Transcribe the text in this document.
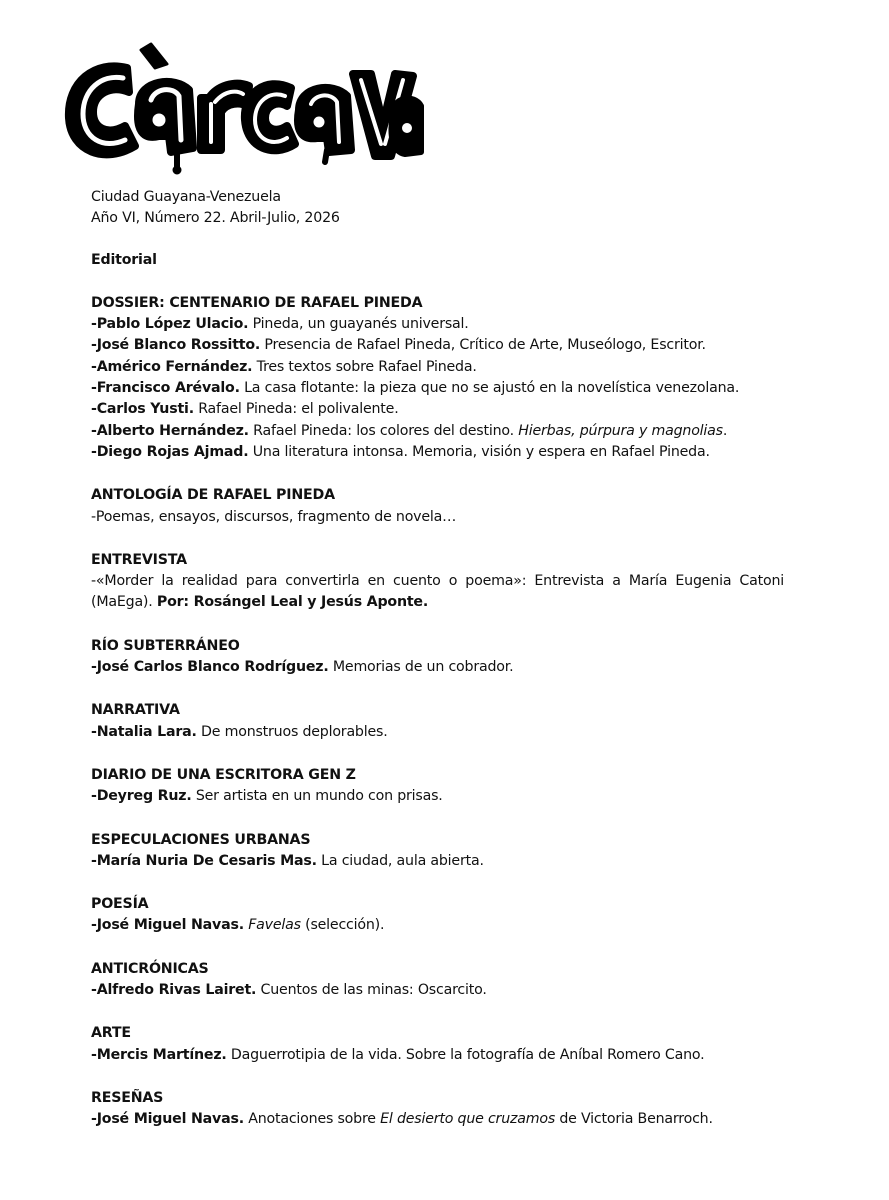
Ciudad Guayana-Venezuela
Año VI, Número 22. Abril-Julio, 2026
Editorial
DOSSIER: CENTENARIO DE RAFAEL PINEDA
-Pablo López Ulacio. Pineda, un guayanés universal.
-José Blanco Rossitto. Presencia de Rafael Pineda, Crítico de Arte, Museólogo, Escritor.
-Américo Fernández. Tres textos sobre Rafael Pineda.
-Francisco Arévalo. La casa flotante: la pieza que no se ajustó en la novelística venezolana.
-Carlos Yusti. Rafael Pineda: el polivalente.
-Alberto Hernández. Rafael Pineda: los colores del destino. Hierbas, púrpura y magnolias.
-Diego Rojas Ajmad. Una literatura intonsa. Memoria, visión y espera en Rafael Pineda.
ANTOLOGÍA DE RAFAEL PINEDA
-Poemas, ensayos, discursos, fragmento de novela…
ENTREVISTA
-«Morder la realidad para convertirla en cuento o poema»: Entrevista a María Eugenia Catoni (MaEga). Por: Rosángel Leal y Jesús Aponte.
RÍO SUBTERRÁNEO
-José Carlos Blanco Rodríguez. Memorias de un cobrador.
NARRATIVA
-Natalia Lara. De monstruos deplorables.
DIARIO DE UNA ESCRITORA GEN Z
-Deyreg Ruz. Ser artista en un mundo con prisas.
ESPECULACIONES URBANAS
-María Nuria De Cesaris Mas. La ciudad, aula abierta.
POESÍA
-José Miguel Navas. Favelas (selección).
ANTICRÓNICAS
-Alfredo Rivas Lairet. Cuentos de las minas: Oscarcito.
ARTE
-Mercis Martínez. Daguerrotipia de la vida. Sobre la fotografía de Aníbal Romero Cano.
RESEÑAS
-José Miguel Navas. Anotaciones sobre El desierto que cruzamos de Victoria Benarroch.
